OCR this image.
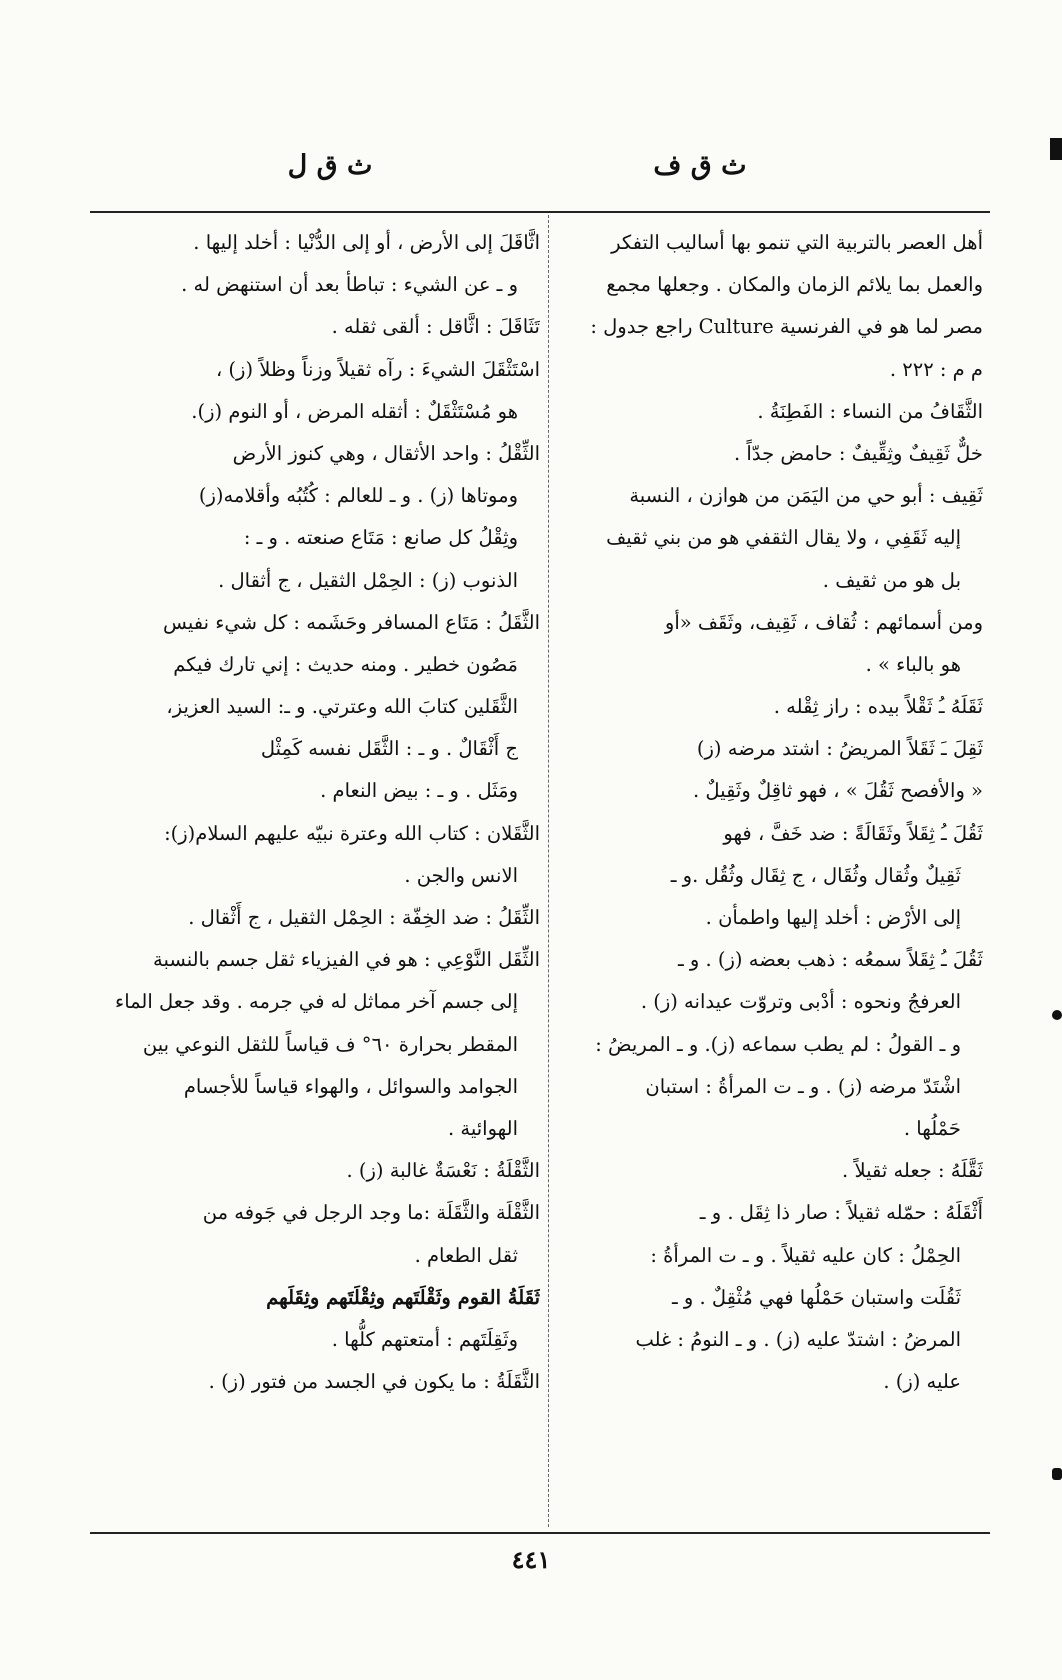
ث ق ف
ث ق ل
أهل العصر بالتربية التي تنمو بها أساليب التفكر
والعمل بما يلائم الزمان والمكان . وجعلها مجمع
مصر لما هو في الفرنسية Culture راجع جدول :
م م : ٢٢٢ .
الثَّقَافُ من النساء : الفَطِنَةُ .
خلٌّ ثَقِيفٌ وثِقِّيفٌ : حامض جدّاً .
ثَقِيف : أبو حي من اليَمَن من هوازن ، النسبة
إليه ثَقَفِي ، ولا يقال الثقفي هو من بني ثقيف
بل هو من ثقيف .
ومن أسمائهم : ثُقاف ، ثَقِيف، وثَقَف «أو
هو بالباء » .
ثَقَلَهُ ـُ ثَقْلاً بيده : راز ثِقْله .
ثَقِلَ ـَ ثَقَلاً المريضُ : اشتد مرضه (ز)
« والأفصح ثَقُلَ » ، فهو ثاقِلٌ وثَقِيلٌ .
ثَقُلَ ـُ ثِقَلاً وثَقَالَةً : ضد خَفَّ ، فهو
ثَقِيلٌ وثُقال وثُقَال ، ج ثِقَال وثُقُل .و ـ
إلى الأرْض : أخلد إليها واطمأن .
ثَقُلَ ـُ ثِقَلاً سمعُه : ذهب بعضه (ز) . و ـ
العرفجُ ونحوه : أدْبى وتروّت عيدانه (ز) .
و ـ القولُ : لم يطب سماعه (ز). و ـ المريضُ :
اشْتَدّ مرضه (ز) . و ـ ت المرأةُ : استبان
حَمْلُها .
ثَقَّلَهُ : جعله ثقيلاً .
أَثْقَلَهُ : حمّله ثقيلاً : صار ذا ثِقَل . و ـ
الحِمْلُ : كان عليه ثقيلاً . و ـ ت المرأةُ :
ثَقُلَت واستبان حَمْلُها فهي مُثْقِلٌ . و ـ
المرضُ : اشتدّ عليه (ز) . و ـ النومُ : غلب
عليه (ز) .
اثَّاقَلَ إلى الأرض ، أو إلى الدُّنْيا : أخلد إليها .
و ـ عن الشيء : تباطأ بعد أن استنهض له .
تَثَاقَلَ : اثَّاقل : ألقى ثقله .
اسْتَثْقَلَ الشيءَ : رآه ثقيلاً وزناً وظلاً (ز) ،
هو مُسْتَثْقَلٌ : أثقله المرض ، أو النوم (ز).
الثِّقْلُ : واحد الأثقال ، وهي كنوز الأرض
وموتاها (ز) . و ـ للعالم : كُتُبُه وأقلامه(ز)
وثِقْلُ كل صانع : مَتَاع صنعته . و ـ :
الذنوب (ز) : الحِمْل الثقيل ، ج أثقال .
الثَّقَلُ : مَتَاع المسافر وحَشَمه : كل شيء نفيس
مَصُون خطير . ومنه حديث : إني تارك فيكم
الثَّقَلين كتابَ الله وعترتي. و ـ: السيد العزيز،
ج أَثْقَالٌ . و ـ : الثَّقَل نفسه كَمِثْل
ومَثَل . و ـ : بيض النعام .
الثَّقَلان : كتاب الله وعترة نبيّه عليهم السلام(ز):
الانس والجن .
الثِّقَلُ : ضد الخِفّة : الحِمْل الثقيل ، ج أَثْقال .
الثِّقَل النَّوْعِي : هو في الفيزياء ثقل جسم بالنسبة
إلى جسم آخر مماثل له في جرمه . وقد جعل الماء
المقطر بحرارة ٦٠° ف قياساً للثقل النوعي بين
الجوامد والسوائل ، والهواء قياساً للأجسام
الهوائية .
الثَّقْلَةُ : نَعْسَةٌ غالبة (ز) .
الثَّقْلَة والثَّقَلَة :ما وجد الرجل في جَوفه من
ثقل الطعام .
ثَقَلَةُ القوم وثَقْلَتَهم وثِقْلَتَهم وثِقَلَهم
وثَقِلَتَهم : أمتعتهم كلُّها .
الثَّقَلَةُ : ما يكون في الجسد من فتور (ز) .
٤٤١
